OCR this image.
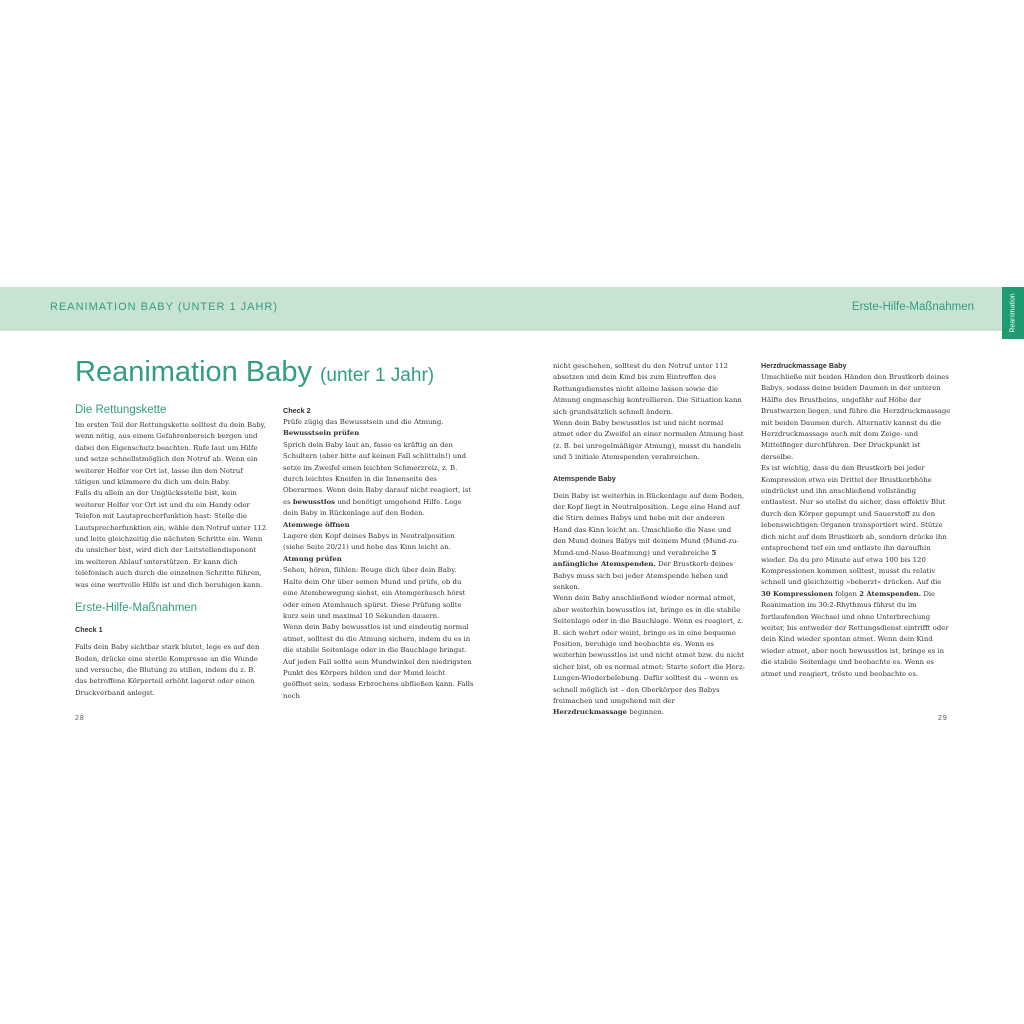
REANIMATION BABY (UNTER 1 JAHR)	Erste-Hilfe-Maßnahmen	Reanimation
Reanimation Baby (unter 1 Jahr)
Die Rettungskette

Im ersten Teil der Rettungskette solltest du dein Baby, wenn nötig, aus einem Gefahrenbereich bergen und dabei den Eigenschutz beachten. Rufe laut um Hilfe und setze schnellstmöglich den Notruf ab. Wenn ein weiterer Helfer vor Ort ist, lasse ihn den Notruf tätigen und kümmere du dich um dein Baby.

Falls du allein an der Unglücksstelle bist, kein weiterer Helfer vor Ort ist und du ein Handy oder Telefon mit Lautsprecherfunktion hast: Stelle die Lautsprecherfunktion ein, wähle den Notruf unter 112 und leite gleichzeitig die nächsten Schritte ein. Wenn du unsicher bist, wird dich der Leitstellendisponent im weiteren Ablauf unterstützen. Er kann dich telefonisch auch durch die einzelnen Schritte führen, was eine wertvolle Hilfe ist und dich beruhigen kann.

Erste-Hilfe-Maßnahmen

Check 1

Falls dein Baby sichtbar stark blutet, lege es auf den Boden, drücke eine sterile Kompresse an die Wunde und versuche, die Blutung zu stillen, indem du z. B. das betroffene Körperteil erhöht lagerst oder einen Druckverband anlegst.

Check 2

Prüfe zügig das Bewusstsein und die Atmung.

Bewusstsein prüfen

Sprich dein Baby laut an, fasse es kräftig an den Schultern (aber bitte auf keinen Fall schütteln!) und setze im Zweifel einen leichten Schmerzreiz, z. B. durch leichtes Kneifen in die Innenseite des Oberarmes. Wenn dein Baby darauf nicht reagiert, ist es bewusstlos und benötigt umgehend Hilfe. Lege dein Baby in Rückenlage auf den Boden.

Atemwege öffnen

Lagere den Kopf deines Babys in Neutralposition (siehe Seite 20/21) und hebe das Kinn leicht an.

Atmung prüfen

Sehen, hören, fühlen: Beuge dich über dein Baby. Halte dein Ohr über seinen Mund und prüfe, ob du eine Atembewegung siehst, ein Atemgeräusch hörst oder einen Atemhauch spürst. Diese Prüfung sollte kurz sein und maximal 10 Sekunden dauern.

Wenn dein Baby bewusstlos ist und eindeutig normal atmet, solltest du die Atmung sichern, indem du es in die stabile Seitenlage oder in die Bauchlage bringst. Auf jeden Fall sollte sein Mundwinkel den niedrigsten Punkt des Körpers bilden und der Mund leicht geöffnet sein, sodass Erbrochens abfließen kann. Falls noch

nicht geschehen, solltest du den Notruf unter 112 absetzen und dein Kind bis zum Eintreffen des Rettungsdienstes nicht alleine lassen sowie die Atmung engmaschig kontrollieren. Die Situation kann sich grundsätzlich schnell ändern.

Wenn dein Baby bewusstlos ist und nicht normal atmet oder du Zweifel an einer normalen Atmung hast (z. B. bei unregelmäßiger Atmung), musst du handeln und 5 initiale Atemspenden verabreichen.

Atemspende Baby

Dein Baby ist weiterhin in Rückenlage auf dem Boden, der Kopf liegt in Neutralposition. Lege eine Hand auf die Stirn deines Babys und hebe mit der anderen Hand das Kinn leicht an. Umschließe die Nase und den Mund deines Babys mit deinem Mund (Mund-zu-Mund-und-Nase-Beatmung) und verabreiche 5 anfängliche Atemspenden. Der Brustkorb deines Babys muss sich bei jeder Atemspende heben und senken.

Wenn dein Baby anschließend wieder normal atmet, aber weiterhin bewusstlos ist, bringe es in die stabile Seitenlage oder in die Bauchlage. Wenn es reagiert, z. B. sich wehrt oder weint, bringe es in eine bequeme Position, beruhige und beobachte es. Wenn es weiterhin bewusstlos ist und nicht atmet bzw. du nicht sicher bist, ob es normal atmet: Starte sofort die Herz-Lungen-Wiederbelebung. Dafür solltest du – wenn es schnell möglich ist – den Oberkörper des Babys freimachen und umgehend mit der Herzdruckmassage beginnen.

Herzdruckmassage Baby

Umschließe mit beiden Händen den Brustkorb deines Babys, sodass deine beiden Daumen in der unteren Hälfte des Brustbeins, ungefähr auf Höhe der Brustwarzen liegen, und führe die Herzdruckmassage mit beiden Daumen durch. Alternativ kannst du die Herzdruckmassage auch mit dem Zeige- und Mittelfinger durchführen. Der Druckpunkt ist derselbe.

Es ist wichtig, dass du den Brustkorb bei jeder Kompression etwa ein Drittel der Brustkorbhöhe eindrückst und ihn anschließend vollständig entlastest. Nur so stellst du sicher, dass effektiv Blut durch den Körper gepumpt und Sauerstoff zu den lebenswichtigen Organen transportiert wird. Stütze dich nicht auf dem Brustkorb ab, sondern drücke ihn entsprechend tief ein und entlaste ihn daraufhin wieder. Da du pro Minute auf etwa 100 bis 120 Kompressionen kommen solltest, musst du relativ schnell und gleichzeitig »beherzt« drücken. Auf die 30 Kompressionen folgen 2 Atemspenden. Die Reanimation im 30:2-Rhythmus führst du im fortlaufenden Wechsel und ohne Unterbrechung weiter, bis entweder der Rettungsdienst eintrifft oder dein Kind wieder spontan atmet. Wenn dein Kind wieder atmet, aber noch bewusstlos ist, bringe es in die stabile Seitenlage und beobachte es. Wenn es atmet und reagiert, tröste und beobachte es.

28	29
